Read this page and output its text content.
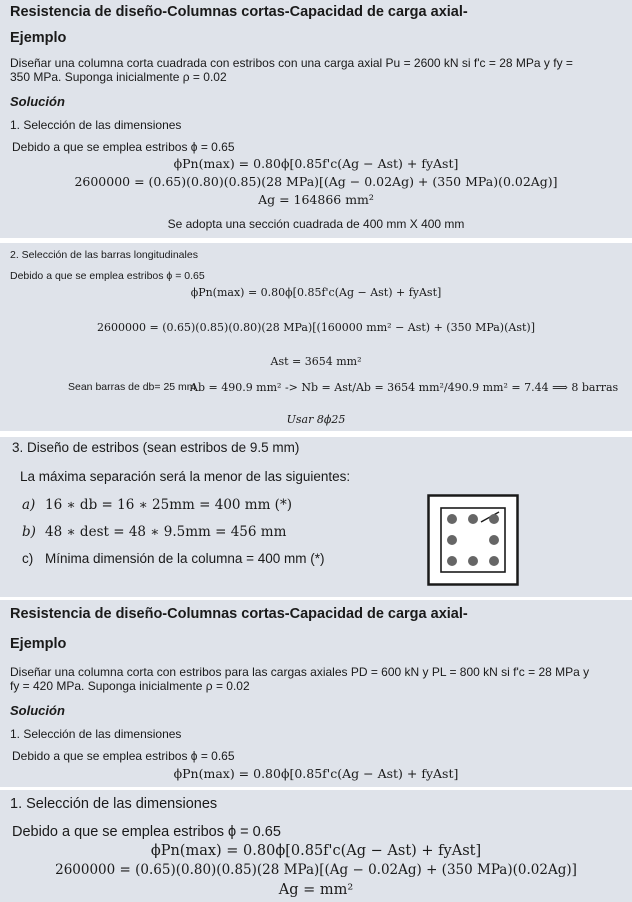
Resistencia de diseño-Columnas cortas-Capacidad de carga axial-
Ejemplo
Diseñar una columna corta cuadrada con estribos con una carga axial Pu = 2600 kN si f'c = 28 MPa y fy =
350 MPa. Suponga inicialmente ρ = 0.02
Solución
1. Selección de las dimensiones
Debido a que se emplea estribos ϕ = 0.65
ϕPn(max) = 0.80ϕ[0.85f'c(Ag − Ast) + fyAst]
2600000 = (0.65)(0.80)(0.85)(28 MPa)[(Ag − 0.02Ag) + (350 MPa)(0.02Ag)]
Ag = 164866 mm²
Se adopta una sección cuadrada de 400 mm X 400 mm
2. Selección de las barras longitudinales
Debido a que se emplea estribos ϕ = 0.65
ϕPn(max) = 0.80ϕ[0.85f'c(Ag − Ast) + fyAst]
2600000 = (0.65)(0.85)(0.80)(28 MPa)[(160000 mm² − Ast) + (350 MPa)(Ast)]
Ast = 3654 mm²
Sean barras de db= 25 mm
Ab = 490.9 mm² -> Nb = Ast/Ab = 3654 mm²/490.9 mm² = 7.44 ⟹ 8 barras
Usar 8ϕ25
3. Diseño de estribos (sean estribos de 9.5 mm)
La máxima separación será la menor de las siguientes:
a) 16 ∗ db = 16 ∗ 25mm = 400 mm (*)
b) 48 ∗ dest = 48 ∗ 9.5mm = 456 mm
c) Mínima dimensión de la columna = 400 mm (*)
Resistencia de diseño-Columnas cortas-Capacidad de carga axial-
Ejemplo
Diseñar una columna corta con estribos para las cargas axiales PD = 600 kN y PL = 800 kN si f'c = 28 MPa y
fy = 420 MPa. Suponga inicialmente ρ = 0.02
Solución
1. Selección de las dimensiones
Debido a que se emplea estribos ϕ = 0.65
ϕPn(max) = 0.80ϕ[0.85f'c(Ag − Ast) + fyAst]
1. Selección de las dimensiones
Debido a que se emplea estribos ϕ = 0.65
ϕPn(max) = 0.80ϕ[0.85f'c(Ag − Ast) + fyAst]
2600000 = (0.65)(0.80)(0.85)(28 MPa)[(Ag − 0.02Ag) + (350 MPa)(0.02Ag)]
Ag = mm²
